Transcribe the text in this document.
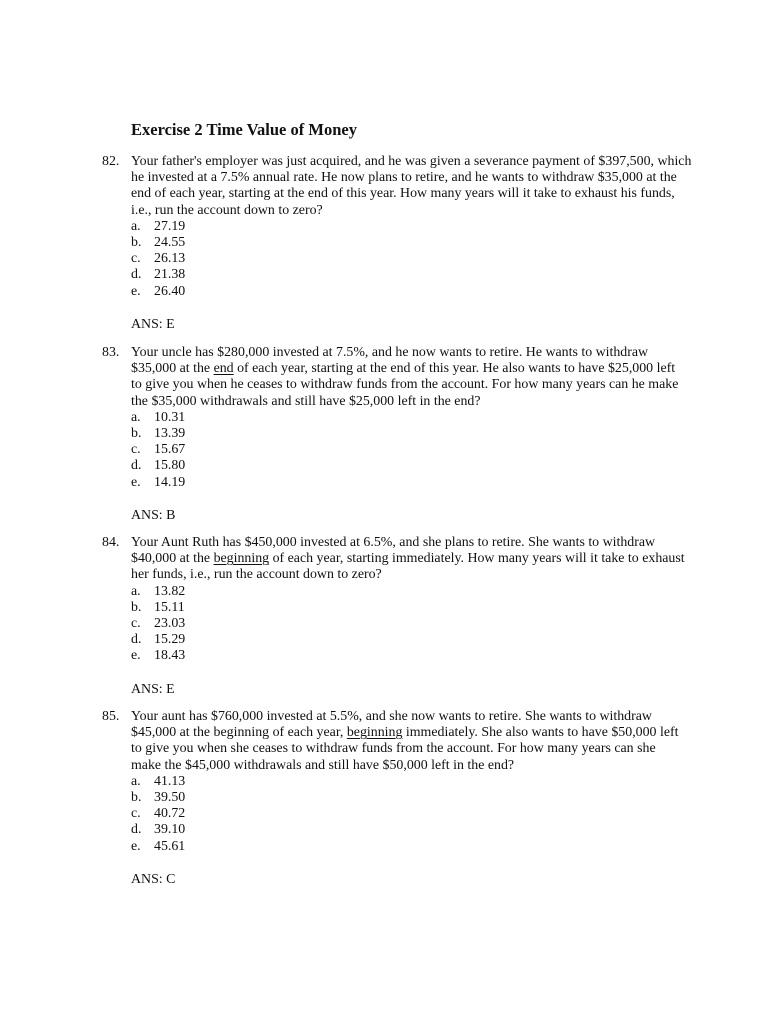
Exercise 2 Time Value of Money
82. Your father's employer was just acquired, and he was given a severance payment of $397,500, which
he invested at a 7.5% annual rate. He now plans to retire, and he wants to withdraw $35,000 at the
end of each year, starting at the end of this year. How many years will it take to exhaust his funds,
i.e., run the account down to zero?
a. 27.19
b. 24.55
c. 26.13
d. 21.38
e. 26.40
ANS: E
83. Your uncle has $280,000 invested at 7.5%, and he now wants to retire. He wants to withdraw
$35,000 at the end of each year, starting at the end of this year. He also wants to have $25,000 left
to give you when he ceases to withdraw funds from the account. For how many years can he make
the $35,000 withdrawals and still have $25,000 left in the end?
a. 10.31
b. 13.39
c. 15.67
d. 15.80
e. 14.19
ANS: B
84. Your Aunt Ruth has $450,000 invested at 6.5%, and she plans to retire. She wants to withdraw
$40,000 at the beginning of each year, starting immediately. How many years will it take to exhaust
her funds, i.e., run the account down to zero?
a. 13.82
b. 15.11
c. 23.03
d. 15.29
e. 18.43
ANS: E
85. Your aunt has $760,000 invested at 5.5%, and she now wants to retire. She wants to withdraw
$45,000 at the beginning of each year, beginning immediately. She also wants to have $50,000 left
to give you when she ceases to withdraw funds from the account. For how many years can she
make the $45,000 withdrawals and still have $50,000 left in the end?
a. 41.13
b. 39.50
c. 40.72
d. 39.10
e. 45.61
ANS: C
